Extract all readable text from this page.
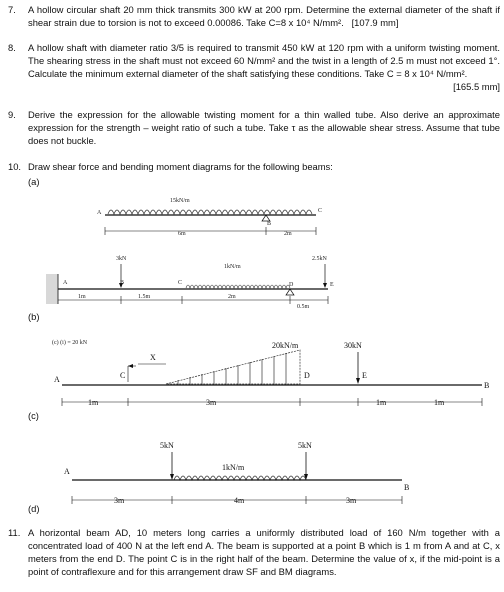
7.	A hollow circular shaft 20 mm thick transmits 300 kW at 200 rpm. Determine the external diameter of the shaft if shear strain due to torsion is not to exceed 0.00086. Take C=8 x 10⁴ N/mm². [107.9 mm]
8.	A hollow shaft with diameter ratio 3/5 is required to transmit 450 kW at 120 rpm with a uniform twisting moment. The shearing stress in the shaft must not exceed 60 N/mm² and the twist in a length of 2.5 m must not exceed 1°. Calculate the minimum external diameter of the shaft satisfying these conditions. Take C = 8 x 10⁴ N/mm².
[165.5 mm]
9.	Derive the expression for the allowable twisting moment for a thin walled tube. Also derive an approximate expression for the strength – weight ratio of such a tube. Take τ as the allowable shear stress. Assume that tube does not buckle.
10. Draw shear force and bending moment diagrams for the following beams:
(a)
15kN/m
A
B
C
6m	2m
3kN
1kN/m
2.5kN
A	B	C	D	E
1m	1.5m	2m
0.5m
(b)
(c) (i) = 20 kN
X
C
20kN/m	30kN
A	D	E
B
1m	3m	1m	1m
(c)
5kN
1kN/m
5kN
A
B
3m	4m	3m
(d)
11. A horizontal beam AD, 10 meters long carries a uniformly distributed load of 160 N/m together with a concentrated load of 400 N at the left end A. The beam is supported at a point B which is 1 m from A and at C, x meters from the end D. The point C is in the right half of the beam. Determine the value of x, if the mid-point is a point of contraflexure and for this arrangement draw SF and BM diagrams.
